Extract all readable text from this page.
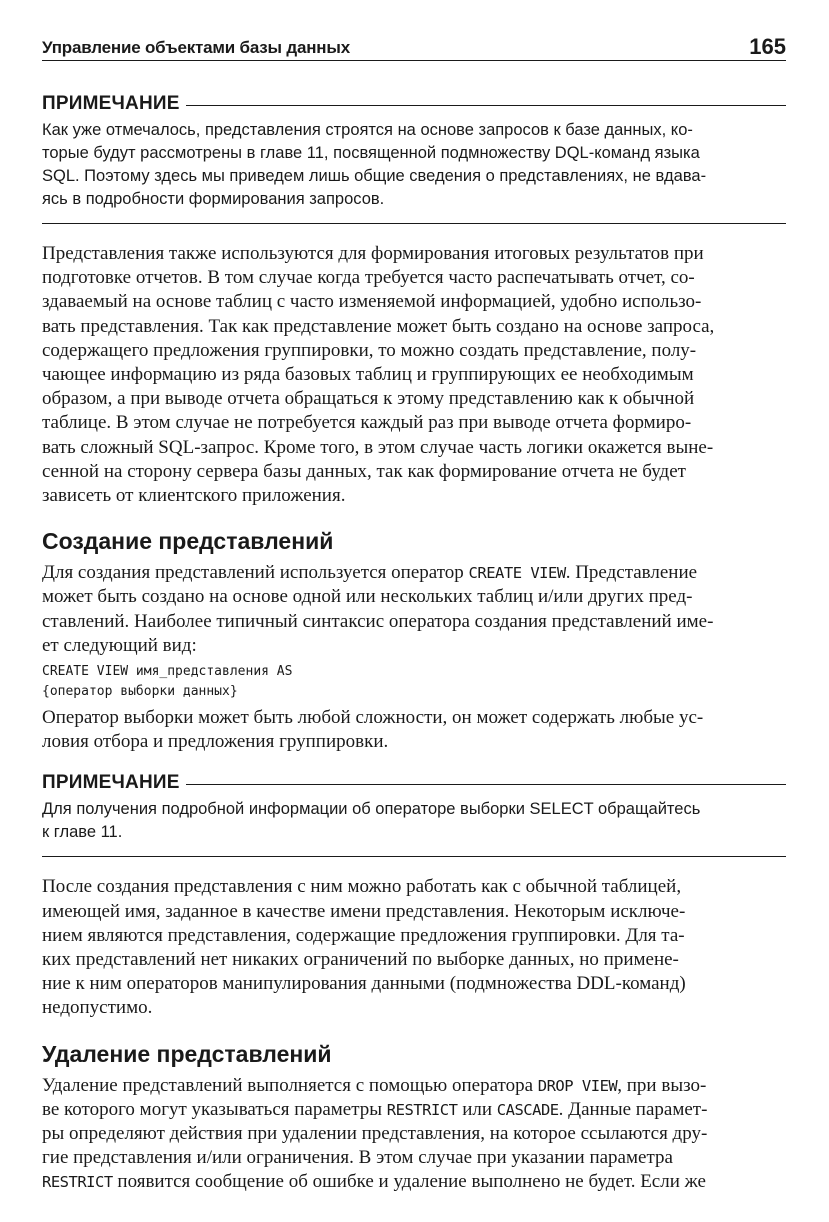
Управление объектами базы данных	165
ПРИМЕЧАНИЕ

Как уже отмечалось, представления строятся на основе запросов к базе данных, ко-
торые будут рассмотрены в главе 11, посвященной подмножеству DQL-команд языка
SQL. Поэтому здесь мы приведем лишь общие сведения о представлениях, не вдава-
ясь в подробности формирования запросов.

Представления также используются для формирования итоговых результатов при
подготовке отчетов. В том случае когда требуется часто распечатывать отчет, со-
здаваемый на основе таблиц с часто изменяемой информацией, удобно использо-
вать представления. Так как представление может быть создано на основе запроса,
содержащего предложения группировки, то можно создать представление, полу-
чающее информацию из ряда базовых таблиц и группирующих ее необходимым
образом, а при выводе отчета обращаться к этому представлению как к обычной
таблице. В этом случае не потребуется каждый раз при выводе отчета формиро-
вать сложный SQL-запрос. Кроме того, в этом случае часть логики окажется выне-
сенной на сторону сервера базы данных, так как формирование отчета не будет
зависеть от клиентского приложения.

Создание представлений

Для создания представлений используется оператор CREATE VIEW. Представление
может быть создано на основе одной или нескольких таблиц и/или других пред-
ставлений. Наиболее типичный синтаксис оператора создания представлений име-
ет следующий вид:

CREATE VIEW имя_представления AS
{оператор выборки данных}

Оператор выборки может быть любой сложности, он может содержать любые ус-
ловия отбора и предложения группировки.

ПРИМЕЧАНИЕ

Для получения подробной информации об операторе выборки SELECT обращайтесь
к главе 11.

После создания представления с ним можно работать как с обычной таблицей,
имеющей имя, заданное в качестве имени представления. Некоторым исключе-
нием являются представления, содержащие предложения группировки. Для та-
ких представлений нет никаких ограничений по выборке данных, но примене-
ние к ним операторов манипулирования данными (подмножества DDL-команд)
недопустимо.

Удаление представлений

Удаление представлений выполняется с помощью оператора DROP VIEW, при вызо-
ве которого могут указываться параметры RESTRICT или CASCADE. Данные парамет-
ры определяют действия при удалении представления, на которое ссылаются дру-
гие представления и/или ограничения. В этом случае при указании параметра
RESTRICT появится сообщение об ошибке и удаление выполнено не будет. Если же
